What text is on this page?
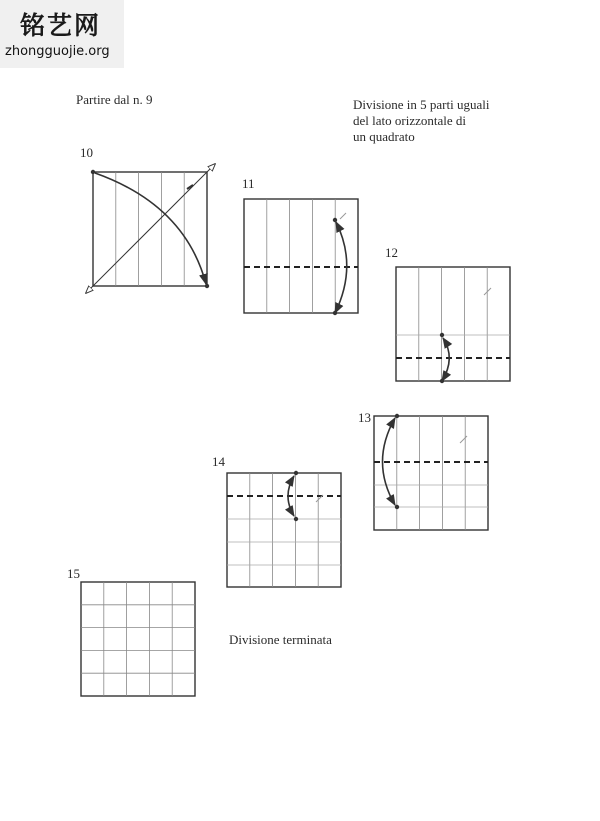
铭艺网
zhongguojie.org
Partire dal n. 9	Divisione in 5 parti uguali
del lato orizzontale di
un quadrato
10
11
12
13
14
15
Divisione terminata
